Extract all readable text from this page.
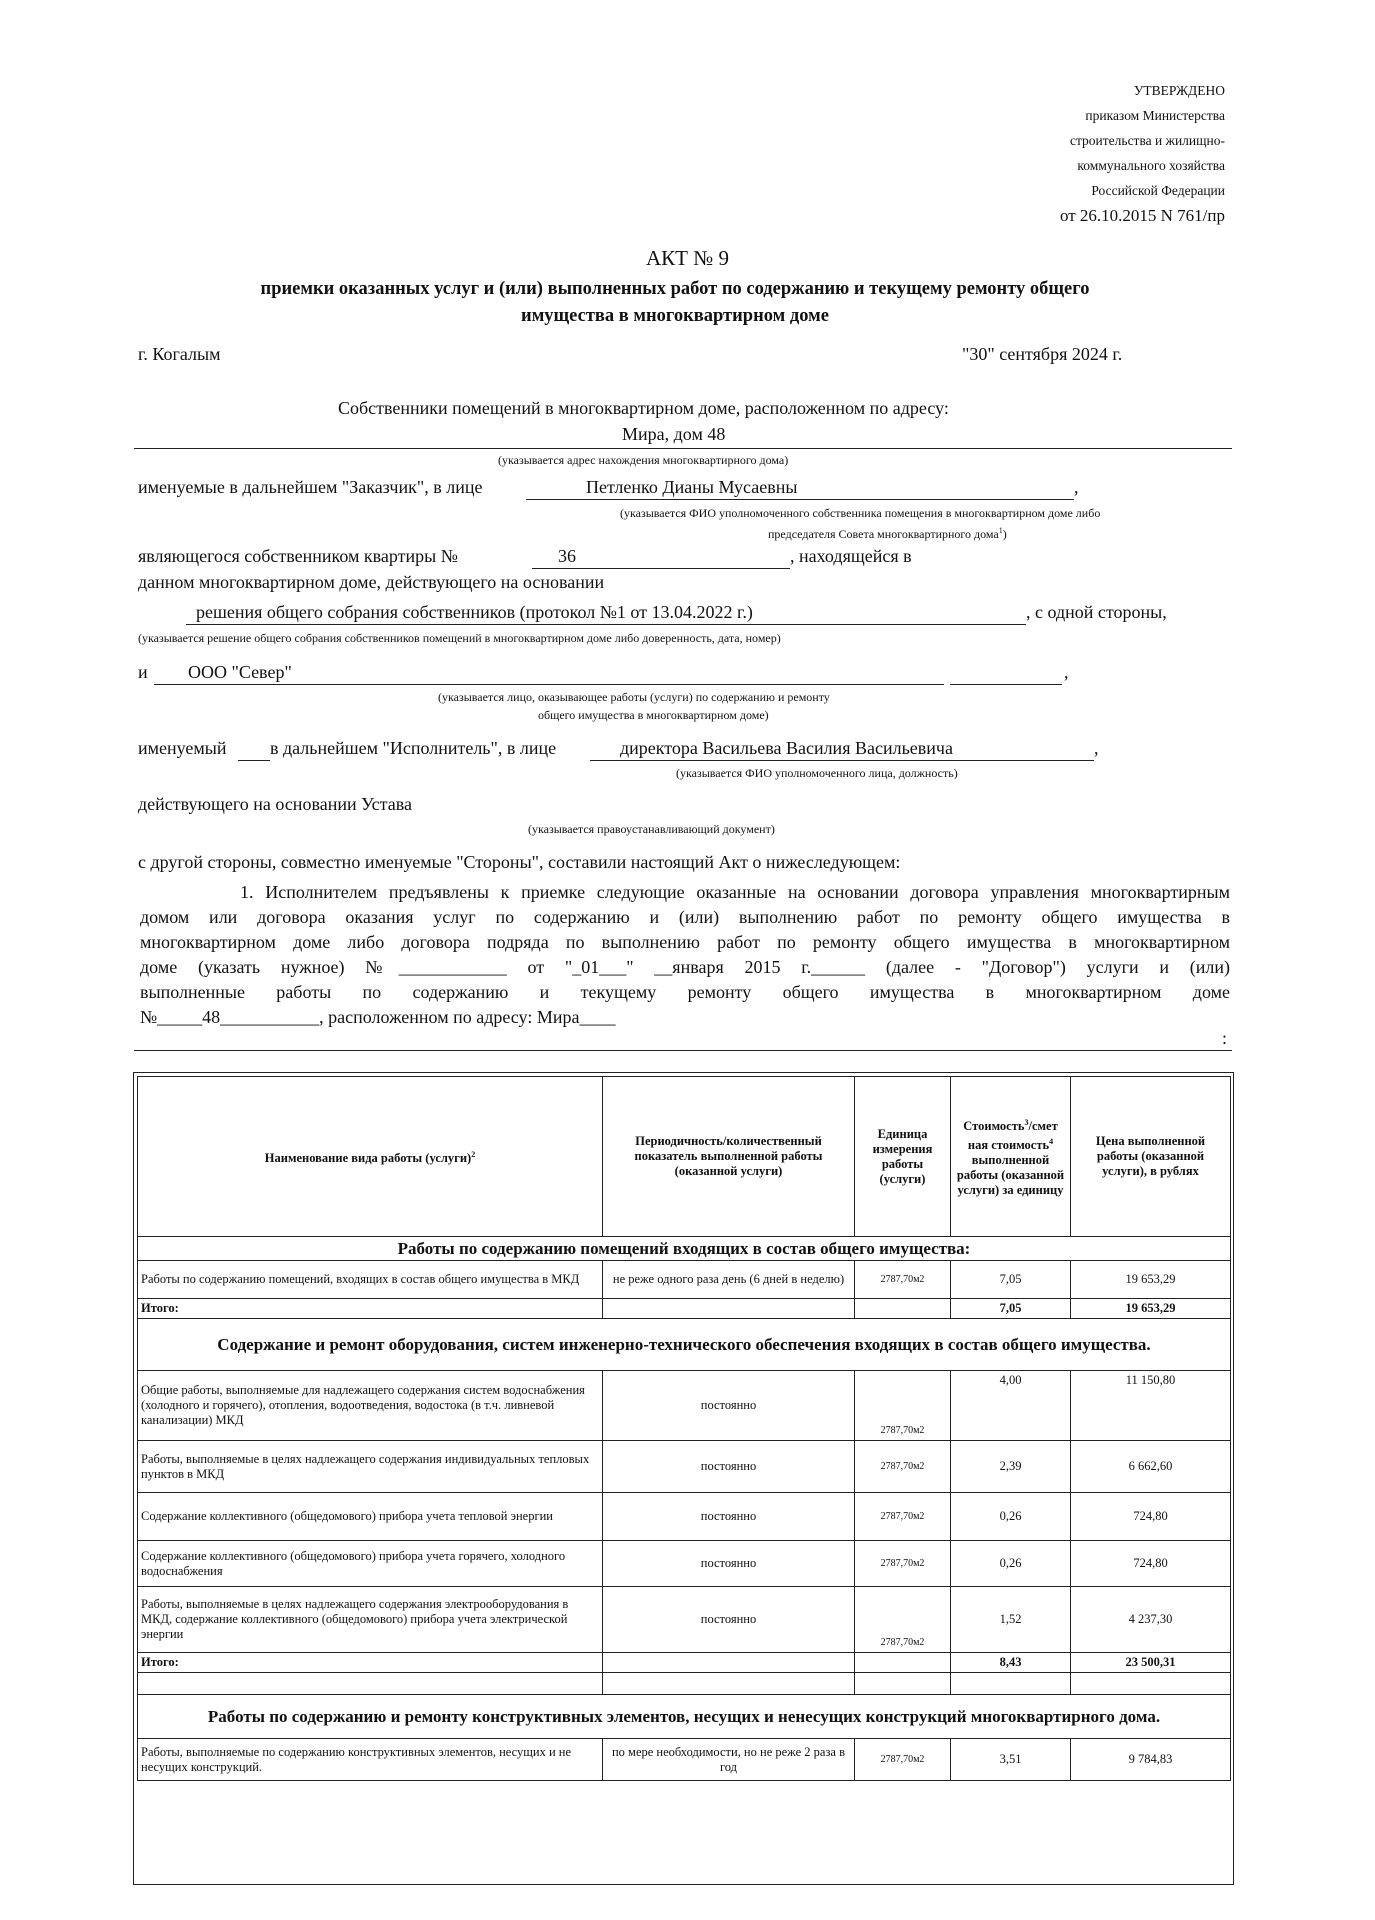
УТВЕРЖДЕНО
приказом Министерства
строительства и жилищно-
коммунального хозяйства
Российской Федерации
от 26.10.2015 N 761/пр
АКТ № 9
приемки оказанных услуг и (или) выполненных работ по содержанию и текущему ремонту общего
имущества в многоквартирном доме
г. Когалым	"30" сентября 2024 г.
Собственники помещений в многоквартирном доме, расположенном по адресу:
Мира, дом 48
(указывается адрес нахождения многоквартирного дома)
именуемые в дальнейшем "Заказчик", в лице	Петленко Дианы Мусаевны	,
(указывается ФИО уполномоченного собственника помещения в многоквартирном доме либо
председателя Совета многоквартирного дома$^1$)
являющегося собственником квартиры №	36	, находящейся в
данном многоквартирном доме, действующего на основании
решения общего собрания собственников (протокол №1 от 13.04.2022 г.)	, с одной стороны,
(указывается решение общего собрания собственников помещений в многоквартирном доме либо доверенность, дата, номер)
и ООО "Север"	,
(указывается лицо, оказывающее работы (услуги) по содержанию и ремонту
общего имущества в многоквартирном доме)
именуемый в дальнейшем "Исполнитель", в лице	директора Васильева Василия Васильевича	,
(указывается ФИО уполномоченного лица, должность)
действующего на основании Устава
(указывается правоустанавливающий документ)
с другой стороны, совместно именуемые "Стороны", составили настоящий Акт о нижеследующем:
1. Исполнителем предъявлены к приемке следующие оказанные на основании договора управления многоквартирным
домом или договора оказания услуг по содержанию и (или) выполнению работ по ремонту общего имущества в
многоквартирном доме либо договора подряда по выполнению работ по ремонту общего имущества в многоквартирном
доме (указать нужное) №____________ от "_01___" __января 2015 г.______ (далее - "Договор") услуги и (или)
выполненные работы по содержанию и текущему ремонту общего имущества в многоквартирном доме
№_____48___________, расположенном по адресу: Мира____
:
Наименование вида работы (услуги)$^2$	Периодичность/количественный показатель выполненной работы (оказанной услуги)	Единица измерения работы (услуги)	Стоимость$^3$/смет ная стоимость$^4$ выполненной работы (оказанной услуги) за единицу	Цена выполненной работы (оказанной услуги), в рублях
Работы по содержанию помещений входящих в состав общего имущества:				
Работы по содержанию помещений, входящих в состав общего имущества в МКД	не реже одного раза день (6 дней в неделю)	2787,70м2	7,05	19 653,29
Итого:			7,05	19 653,29
Содержание и ремонт оборудования, систем инженерно-технического обеспечения входящих в состав общего имущества.				
Общие работы, выполняемые для надлежащего содержания систем водоснабжения (холодного и горячего), отопления, водоотведения, водостока (в т.ч. ливневой канализации) МКД	постоянно	2787,70м2	4,00	11 150,80
Работы, выполняемые в целях надлежащего содержания индивидуальных тепловых пунктов в МКД	постоянно	2787,70м2	2,39	6 662,60
Содержание коллективного (общедомового) прибора учета тепловой энергии	постоянно	2787,70м2	0,26	724,80
Содержание коллективного (общедомового) прибора учета горячего, холодного водоснабжения	постоянно	2787,70м2	0,26	724,80
Работы, выполняемые в целях надлежащего содержания электрооборудования в МКД, содержание коллективного (общедомового) прибора учета электрической энергии	постоянно	2787,70м2	1,52	4 237,30
Итого:			8,43	23 500,31

Работы по содержанию и ремонту конструктивных элементов, несущих и ненесущих конструкций многоквартирного дома.				
Работы, выполняемые по содержанию конструктивных элементов, несущих и не несущих конструкций.	по мере необходимости, но не реже 2 раза в год	2787,70м2	3,51	9 784,83
